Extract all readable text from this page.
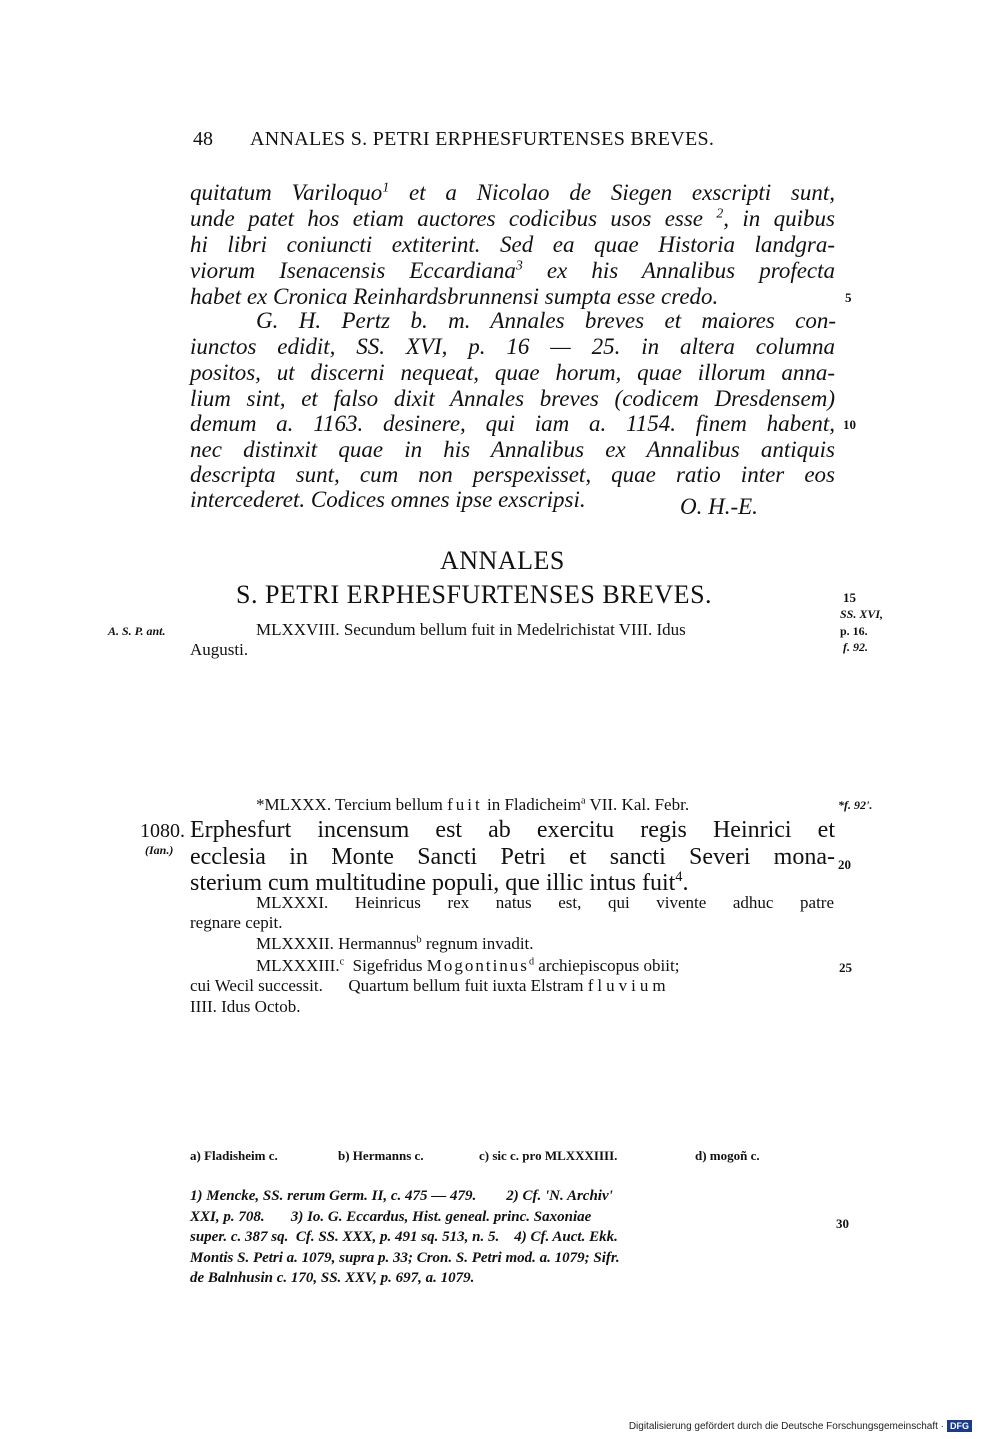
48 ANNALES S. PETRI ERPHESFURTENSES BREVES.
quitatum Variloquo$^1$ et a Nicolao de Siegen exscripti sunt,
unde patet hos etiam auctores codicibus usos esse $^2$, in quibus
hi libri coniuncti extiterint. Sed ea quae Historia landgra-
viorum Isenacensis Eccardiana$^3$ ex his Annalibus profecta
habet ex Cronica Reinhardsbrunnensi sumpta esse credo.
G. H. Pertz b. m. Annales breves et maiores con-
iunctos edidit, SS. XVI, p. 16 — 25. in altera columna
positos, ut discerni nequeat, quae horum, quae illorum anna-
lium sint, et falso dixit Annales breves (codicem Dresdensem)
demum a. 1163. desinere, qui iam a. 1154. finem habent,
nec distinxit quae in his Annalibus ex Annalibus antiquis
descripta sunt, cum non perspexisset, quae ratio inter eos
intercederet. Codices omnes ipse exscripsi.	O. H.-E.
5
10
15
20
25
30
ANNALES
S. PETRI ERPHESFURTENSES BREVES.
A. S. P. ant.
SS. XVI,
p. 16.
f. 92.
*f. 92'.
1080.
(Ian.)
MLXXVIII. Secundum bellum fuit in Medelrichistat VIII. Idus
Augusti.
*MLXXX. Tercium bellum fuit in Fladicheim$^a$ VII. Kal. Febr.
Erphesfurt incensum est ab exercitu regis Heinrici et
ecclesia in Monte Sancti Petri et sancti Severi mona-
sterium cum multitudine populi, que illic intus fuit$^4$.
MLXXXI. Heinricus rex natus est, qui vivente adhuc patre
regnare cepit.
MLXXXII. Hermannus$^b$ regnum invadit.
MLXXXIII.$^c$ Sigefridus Mogontinus$^d$ archiepiscopus obiit;
cui Wecil successit. Quartum bellum fuit iuxta Elstram fluvium
IIII. Idus Octob.
a) Fladisheim c.	b) Hermanns c.	c) sic c. pro MLXXXIIII.	d) mogoñ c.
1) Mencke, SS. rerum Germ. II, c. 475 — 479.        2) Cf. 'N. Archiv'
XXI, p. 708.       3) Io. G. Eccardus, Hist. geneal. princ. Saxoniae
super. c. 387 sq.  Cf. SS. XXX, p. 491 sq. 513, n. 5.    4) Cf. Auct. Ekk.
Montis S. Petri a. 1079, supra p. 33; Cron. S. Petri mod. a. 1079; Sifr.
de Balnhusin c. 170, SS. XXV, p. 697, a. 1079.
Digitalisierung gefördert durch die Deutsche Forschungsgemeinschaft · DFG
